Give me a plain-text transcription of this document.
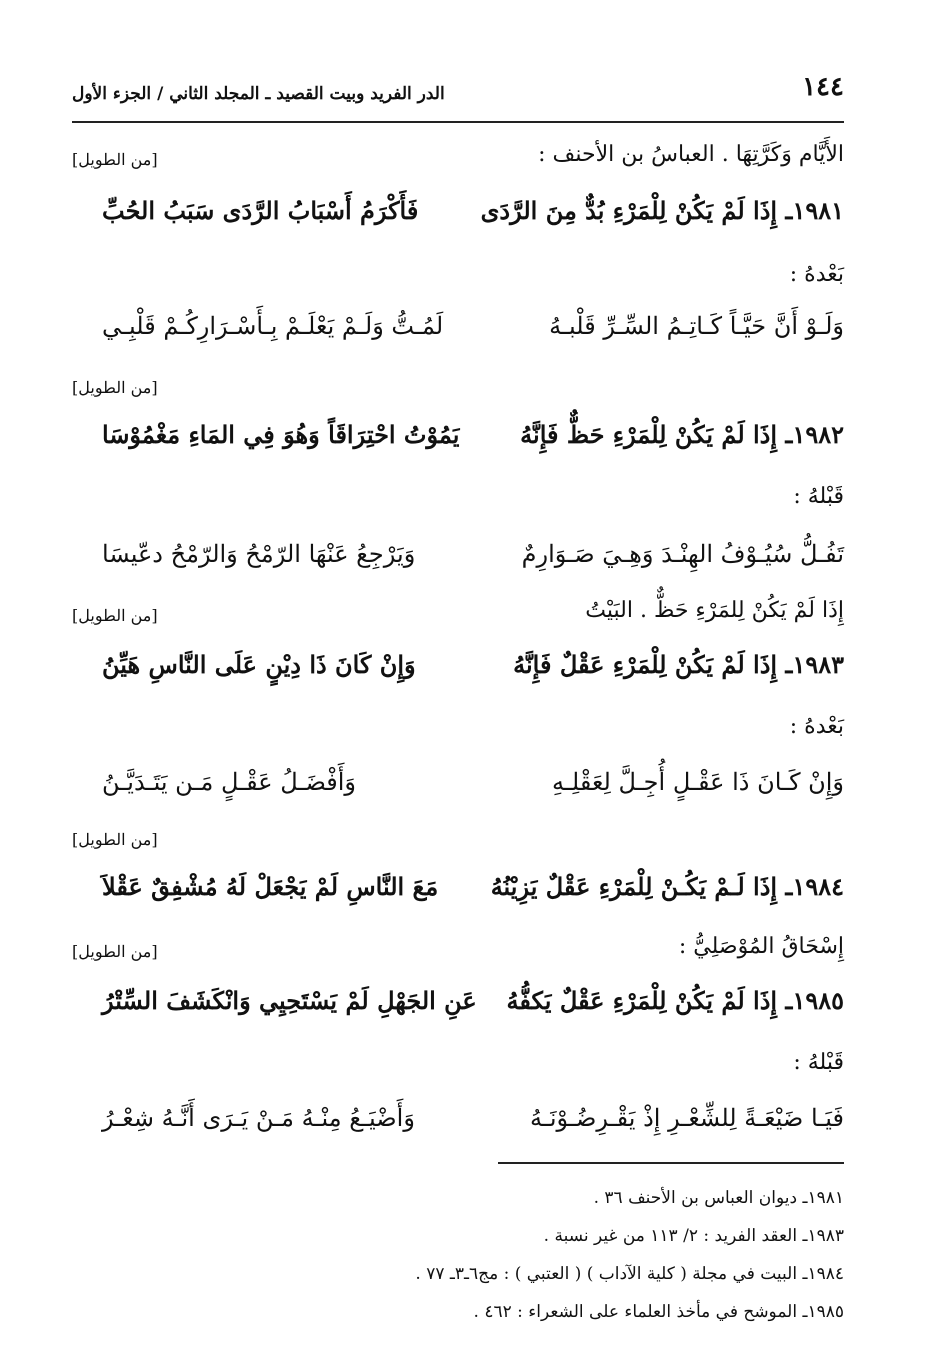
١٤٤
الدر الفريد وبيت القصيد ـ المجلد الثاني / الجزء الأول
الأَيَّام وَكَرَّتِهَا . العباسُ بن الأحنف :
[من الطويل]
١٩٨١ـ إِذَا لَمْ يَكُنْ لِلْمَرْءِ بُدٌّ مِنَ الرَّدَى
فَأَكْرَمُ أَسْبَابُ الرَّدَى سَبَبُ الحُبِّ
بَعْدهُ :
وَلَـوْ أَنَّ حَيَّـاً كَـاتِـمُ السِّـرِّ قَلْبـهُ
لَمُـتُّ وَلَـمْ يَعْلَـمْ بِـأَسْـرَارِكُـمْ قَلْبِـي
[من الطويل]
١٩٨٢ـ إِذَا لَمْ يَكُنْ لِلْمَرْءِ حَظٌّ فَإِنَّهُ
يَمُوْتُ احْتِرَاقَاً وَهُوَ فِي المَاءِ مَغْمُوْسَا
قَبْلهُ :
تَفُـلُّ سُيُـوْفُ الهِنْـدَ وَهِـيَ صَـوَارِمٌ
وَيَرْجِعُ عَنْهَا الرّمْحُ وَالرّمْحُ دعّيسَا
إِذَا لَمْ يَكُنْ لِلمَرْءِ حَظٌّ . البَيْتُ
[من الطويل]
١٩٨٣ـ إِذَا لَمْ يَكُنْ لِلْمَرْءِ عَقْلٌ فَإِنَّهُ
وَإِنْ كَانَ ذَا دِيْنٍ عَلَى النَّاسِ هَيِّنُ
بَعْدهُ :
وَإِنْ كَـانَ ذَا عَقْـلٍ أُجِـلَّ لِعَقْلِـهِ
وَأَفْضَـلُ عَقْـلٍ مَـن يَتَـدَيَّـنُ
[من الطويل]
١٩٨٤ـ إِذَا لَـمْ يَكُـنْ لِلْمَرْءِ عَقْلٌ يَزِيْنُهُ
مَعَ النَّاسِ لَمْ يَجْعَلْ لَهُ مُشْفِقٌ عَقْلاَ
إِسْحَاقُ المُوْصَلِيُّ :
[من الطويل]
١٩٨٥ـ إِذَا لَمْ يَكُنْ لِلْمَرْءِ عَقْلٌ يَكفُّهُ
عَنِ الجَهْلِ لَمْ يَسْتَحِيِي وَانْكَشَفَ السِّتْرُ
قَبْلهُ :
فَيَـا ضَيْعَـةً لِلشِّعْـرِ إِذْ يَقْـرِضُـوْنَـهُ
وَأَضْيَـعُ مِنْـهُ مَـنْ يَـرَى أَنَّـهُ شِعْـرُ
١٩٨١ـ ديوان العباس بن الأحنف ٣٦ .
١٩٨٣ـ العقد الفريد : ٢/ ١١٣ من غير نسبة .
١٩٨٤ـ البيت في مجلة ( كلية الآداب ) ( العتبي ) : مج٦ـ٣ـ ٧٧ .
١٩٨٥ـ الموشح في مأخذ العلماء على الشعراء : ٤٦٢ .
